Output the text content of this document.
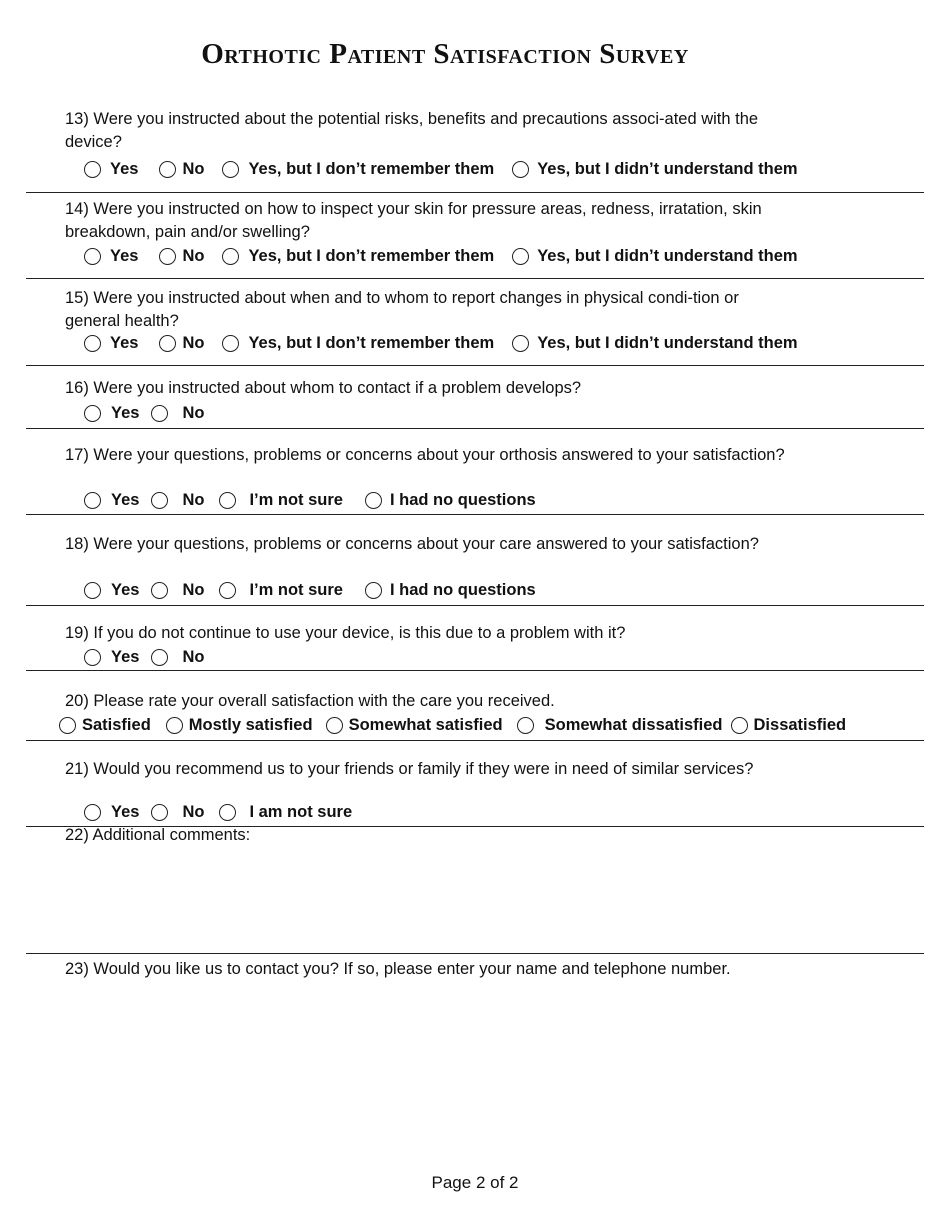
Orthotic Patient Satisfaction Survey
13) Were you instructed about the potential risks, benefits and precautions associ-ated with the device?
Yes	No	Yes, but I don’t remember them	Yes, but I didn’t understand them
14) Were you instructed on how to inspect your skin for pressure areas, redness, irratation, skin breakdown, pain and/or swelling?
Yes	No	Yes, but I don’t remember them	Yes, but I didn’t understand them
15) Were you instructed about when and to whom to report changes in physical condi-tion or general health?
Yes	No	Yes, but I don’t remember them	Yes, but I didn’t understand them
16) Were you instructed about whom to contact if a problem develops?
Yes	No
17) Were your questions, problems or concerns about your orthosis answered to your satisfaction?
Yes	No	I’m not sure	I had no questions
18) Were your questions, problems or concerns about your care answered to your satisfaction?
Yes	No	I’m not sure	I had no questions
19) If you do not continue to use your device, is this due to a problem with it?
Yes	No
20) Please rate your overall satisfaction with the care you received.
Satisfied Mostly satisfied Somewhat satisfied	Somewhat dissatisfied Dissatisfied
21) Would you recommend us to your friends or family if they were in need of similar services?
Yes	No	I am not sure
22) Additional comments:
23) Would you like us to contact you? If so, please enter your name and telephone number.
Page 2 of 2
